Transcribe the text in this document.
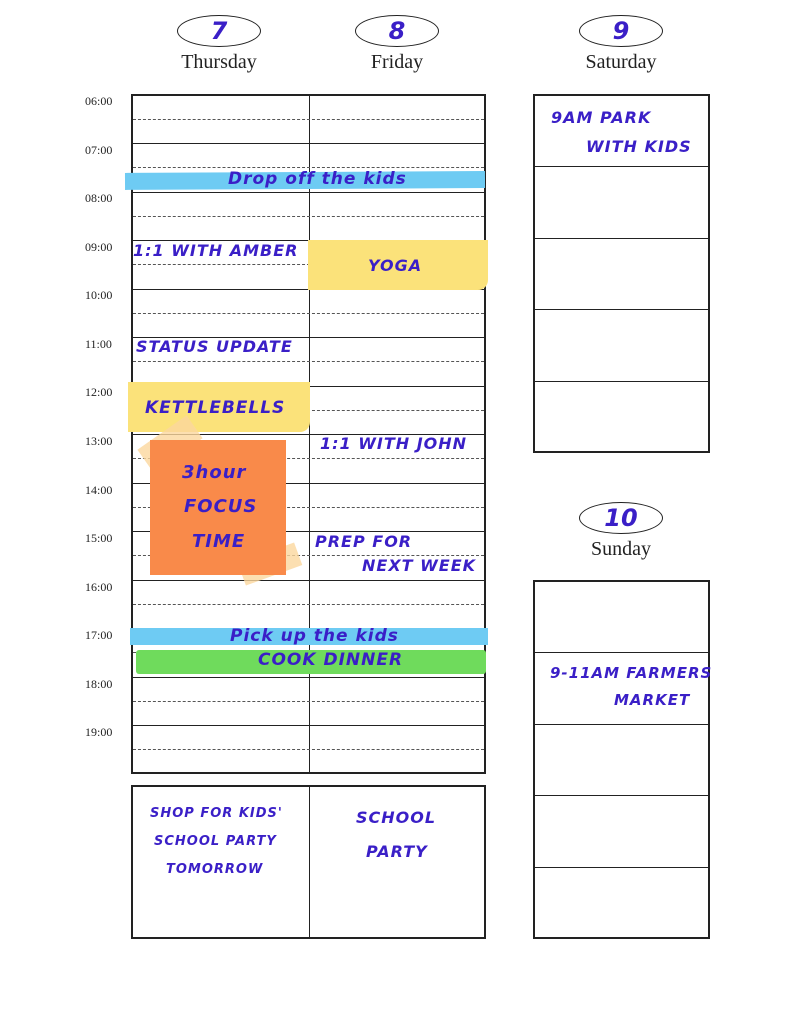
7
Thursday
8
Friday
9
Saturday
10
Sunday
06:00
07:00
08:00
09:00
10:00
11:00
12:00
13:00
14:00
15:00
16:00
17:00
18:00
19:00
Drop off the kids
1:1 WITH AMBER
YOGA
STATUS UPDATE
KETTLEBELLS
1:1 WITH JOHN
3hour
FOCUS
TIME	PREP FOR
NEXT WEEK
Pick up the kids
COOK DINNER
SHOP FOR KIDS'
SCHOOL PARTY
TOMORROW
SCHOOL
PARTY
9AM PARK
WITH KIDS
9-11AM FARMERS
MARKET
